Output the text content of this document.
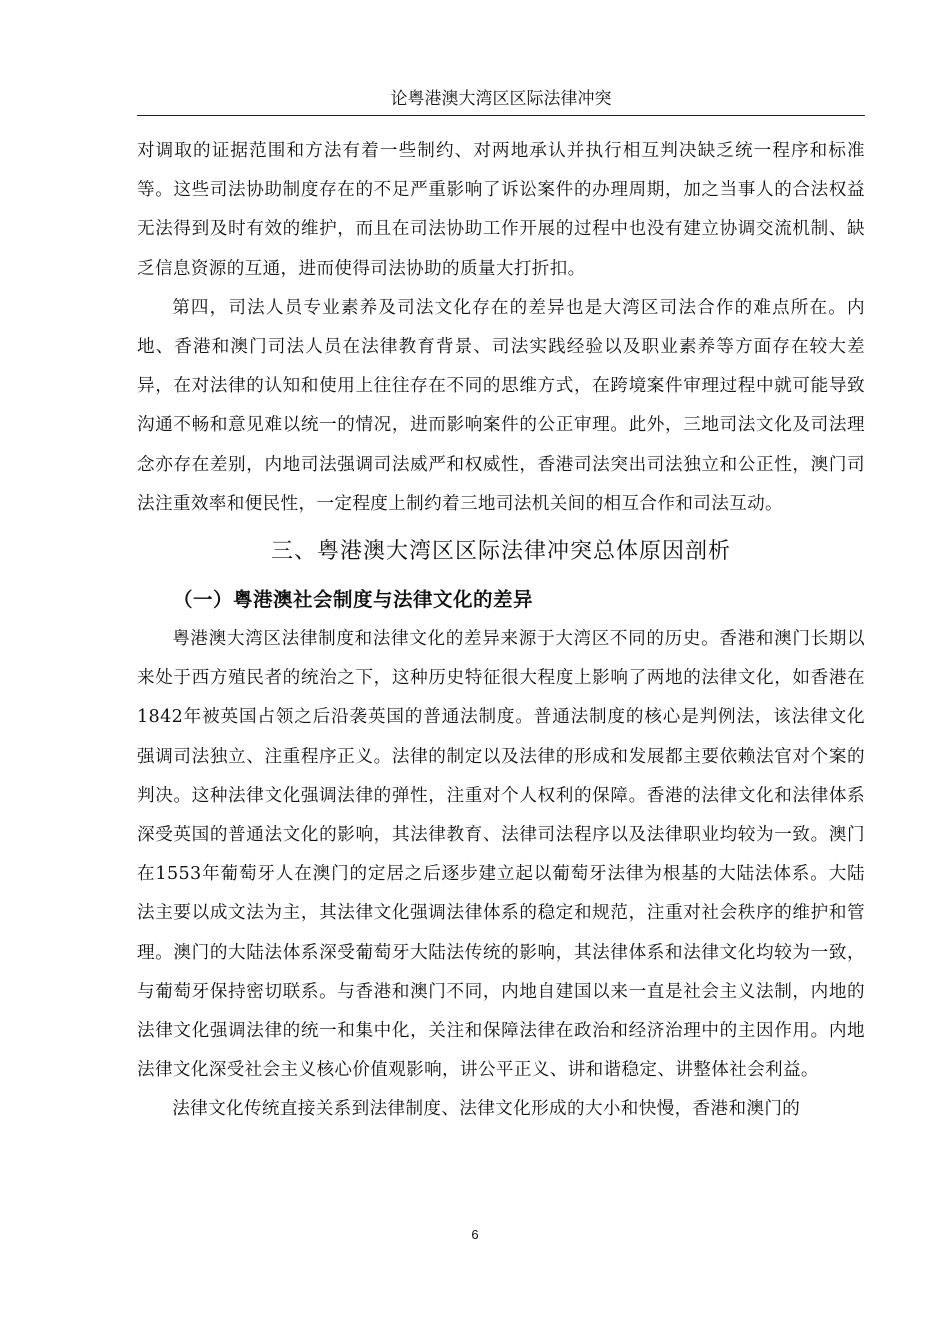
论粤港澳大湾区区际法律冲突

对调取的证据范围和方法有着一些制约、对两地承认并执行相互判决缺乏统一程序和标准等。这些司法协助制度存在的不足严重影响了诉讼案件的办理周期，加之当事人的合法权益无法得到及时有效的维护，而且在司法协助工作开展的过程中也没有建立协调交流机制、缺乏信息资源的互通，进而使得司法协助的质量大打折扣。

第四，司法人员专业素养及司法文化存在的差异也是大湾区司法合作的难点所在。内地、香港和澳门司法人员在法律教育背景、司法实践经验以及职业素养等方面存在较大差异，在对法律的认知和使用上往往存在不同的思维方式，在跨境案件审理过程中就可能导致沟通不畅和意见难以统一的情况，进而影响案件的公正审理。此外，三地司法文化及司法理念亦存在差别，内地司法强调司法威严和权威性，香港司法突出司法独立和公正性，澳门司法注重效率和便民性，一定程度上制约着三地司法机关间的相互合作和司法互动。

三、粤港澳大湾区区际法律冲突总体原因剖析
（一）粤港澳社会制度与法律文化的差异

粤港澳大湾区法律制度和法律文化的差异来源于大湾区不同的历史。香港和澳门长期以来处于西方殖民者的统治之下，这种历史特征很大程度上影响了两地的法律文化，如香港在1842年被英国占领之后沿袭英国的普通法制度。普通法制度的核心是判例法，该法律文化强调司法独立、注重程序正义。法律的制定以及法律的形成和发展都主要依赖法官对个案的判决。这种法律文化强调法律的弹性，注重对个人权利的保障。香港的法律文化和法律体系深受英国的普通法文化的影响，其法律教育、法律司法程序以及法律职业均较为一致。澳门在1553年葡萄牙人在澳门的定居之后逐步建立起以葡萄牙法律为根基的大陆法体系。大陆法主要以成文法为主，其法律文化强调法律体系的稳定和规范，注重对社会秩序的维护和管理。澳门的大陆法体系深受葡萄牙大陆法传统的影响，其法律体系和法律文化均较为一致，与葡萄牙保持密切联系。与香港和澳门不同，内地自建国以来一直是社会主义法制，内地的法律文化强调法律的统一和集中化，关注和保障法律在政治和经济治理中的主因作用。内地法律文化深受社会主义核心价值观影响，讲公平正义、讲和谐稳定、讲整体社会利益。

法律文化传统直接关系到法律制度、法律文化形成的大小和快慢，香港和澳门的

6
